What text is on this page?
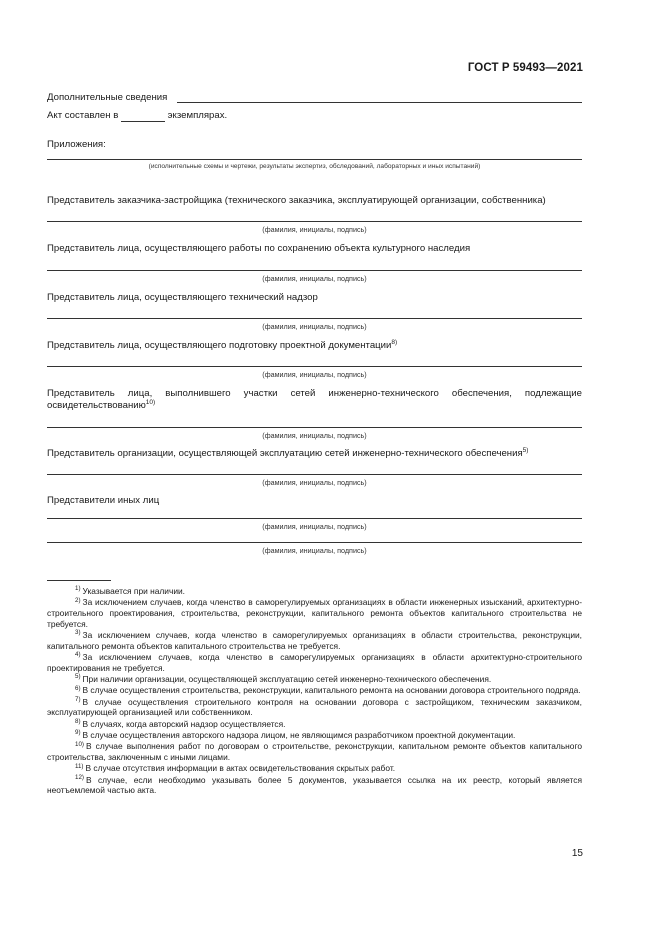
ГОСТ Р 59493—2021
Дополнительные сведения
Акт составлен в	экземплярах.
Приложения:
(исполнительные схемы и чертежи, результаты экспертиз, обследований, лабораторных и иных испытаний)
Представитель заказчика-застройщика (технического заказчика, эксплуатирующей организации, собственника)
(фамилия, инициалы, подпись)
Представитель лица, осуществляющего работы по сохранению объекта культурного наследия
(фамилия, инициалы, подпись)
Представитель лица, осуществляющего технический надзор
(фамилия, инициалы, подпись)
Представитель лица, осуществляющего подготовку проектной документации$^{8)}$
(фамилия, инициалы, подпись)
Представитель лица, выполнившего участки сетей инженерно-технического обеспечения, подлежащие освидетельствованию$^{10)}$
(фамилия, инициалы, подпись)
Представитель организации, осуществляющей эксплуатацию сетей инженерно-технического обеспечения$^{5)}$
(фамилия, инициалы, подпись)
Представители иных лиц
(фамилия, инициалы, подпись)
(фамилия, инициалы, подпись)
$^{1)}$ Указывается при наличии.
$^{2)}$ За исключением случаев, когда членство в саморегулируемых организациях в области инженерных изысканий, архитектурно-строительного проектирования, строительства, реконструкции, капитального ремонта объектов капитального строительства не требуется.
$^{3)}$ За исключением случаев, когда членство в саморегулируемых организациях в области строительства, реконструкции, капитального ремонта объектов капитального строительства не требуется.
$^{4)}$ За исключением случаев, когда членство в саморегулируемых организациях в области архитектурно-строительного проектирования не требуется.
$^{5)}$ При наличии организации, осуществляющей эксплуатацию сетей инженерно-технического обеспечения.
$^{6)}$ В случае осуществления строительства, реконструкции, капитального ремонта на основании договора строительного подряда.
$^{7)}$ В случае осуществления строительного контроля на основании договора с застройщиком, техническим заказчиком, эксплуатирующей организацией или собственником.
$^{8)}$ В случаях, когда авторский надзор осуществляется.
$^{9)}$ В случае осуществления авторского надзора лицом, не являющимся разработчиком проектной документации.
$^{10)}$ В случае выполнения работ по договорам о строительстве, реконструкции, капитальном ремонте объектов капитального строительства, заключенным с иными лицами.
$^{11)}$ В случае отсутствия информации в актах освидетельствования скрытых работ.
$^{12)}$ В случае, если необходимо указывать более 5 документов, указывается ссылка на их реестр, который является неотъемлемой частью акта.
15
